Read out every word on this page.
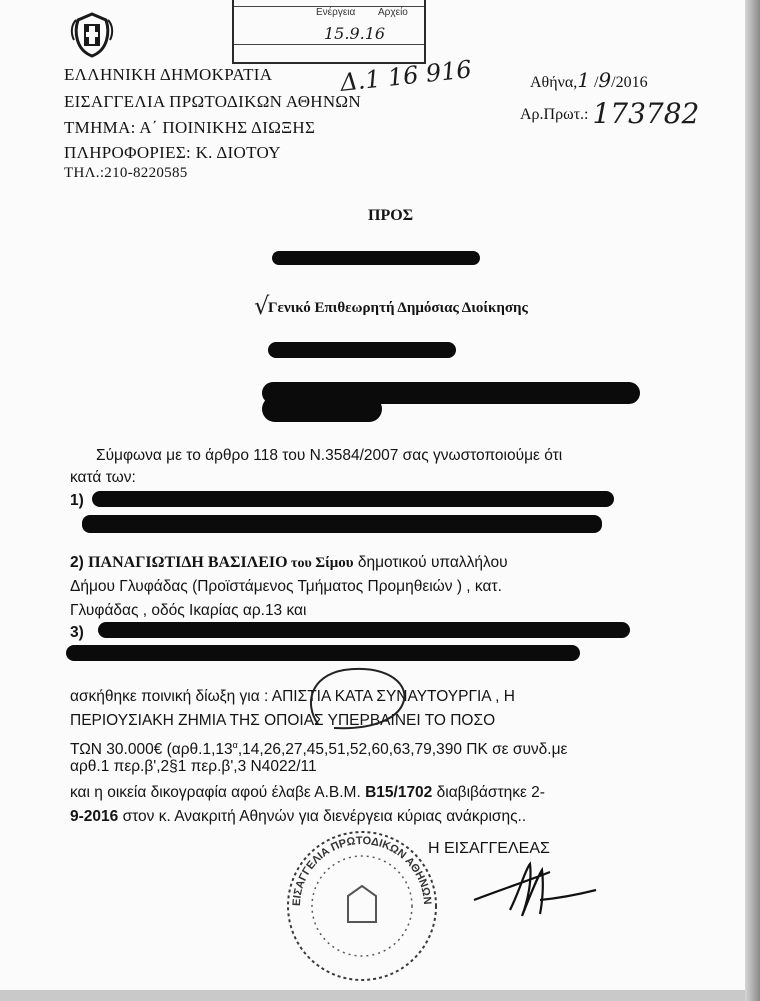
Ενέργεια Αρχείο
15.9.16
ΕΛΛΗΝΙΚΗ ΔΗΜΟΚΡΑΤΙΑ
ΕΙΣΑΓΓΕΛΙΑ ΠΡΩΤΟΔΙΚΩΝ ΑΘΗΝΩΝ
ΤΜΗΜΑ: Α΄ ΠΟΙΝΙΚΗΣ ΔΙΩΞΗΣ
ΠΛΗΡΟΦΟΡΙΕΣ: Κ. ΔΙΟΤΟΥ
ΤΗΛ.:210-8220585
Δ.1 16 916	Αθήνα,1 /9/2016
Αρ.Πρωτ.: 173782
ΠΡΟΣ
√
Γενικό Επιθεωρητή Δημόσιας Διοίκησης
Σύμφωνα με το άρθρο 118 του Ν.3584/2007 σας γνωστοποιούμε ότι
κατά των:
1)
2) ΠΑΝΑΓΙΩΤΙΔΗ ΒΑΣΙΛΕΙΟ του Σίμου δημοτικού υπαλλήλου
Δήμου Γλυφάδας (Προϊστάμενος Τμήματος Προμηθειών ) , κατ.
Γλυφάδας , οδός Ικαρίας αρ.13 και
3)
ασκήθηκε ποινική δίωξη για : ΑΠΙΣΤΙΑ ΚΑΤΑ ΣΥΝΑΥΤΟΥΡΓΙΑ , Η
ΠΕΡΙΟΥΣΙΑΚΗ ΖΗΜΙΑ ΤΗΣ ΟΠΟΙΑΣ ΥΠΕΡΒΑΙΝΕΙ ΤΟ ΠΟΣΟ
ΤΩΝ 30.000€ ($\alpha\rho\theta.1,13^\alpha,14,26,27,45,51,52,60,63,79,390$ ΠΚ σε συνδ.με
αρθ.1 περ.β',2§1 περ.β',3 Ν4022/11
και η οικεία δικογραφία αφού έλαβε Α.Β.Μ. Β15/1702 διαβιβάστηκε 2-
9-2016 στον κ. Ανακριτή Αθηνών για διενέργεια κύριας ανάκρισης..
Η ΕΙΣΑΓΓΕΛΕΑΣ
ΕΙΣΑΓΓΕΛΙΑ ΠΡΩΤΟΔΙΚΩΝ ΑΘΗΝΩΝ
